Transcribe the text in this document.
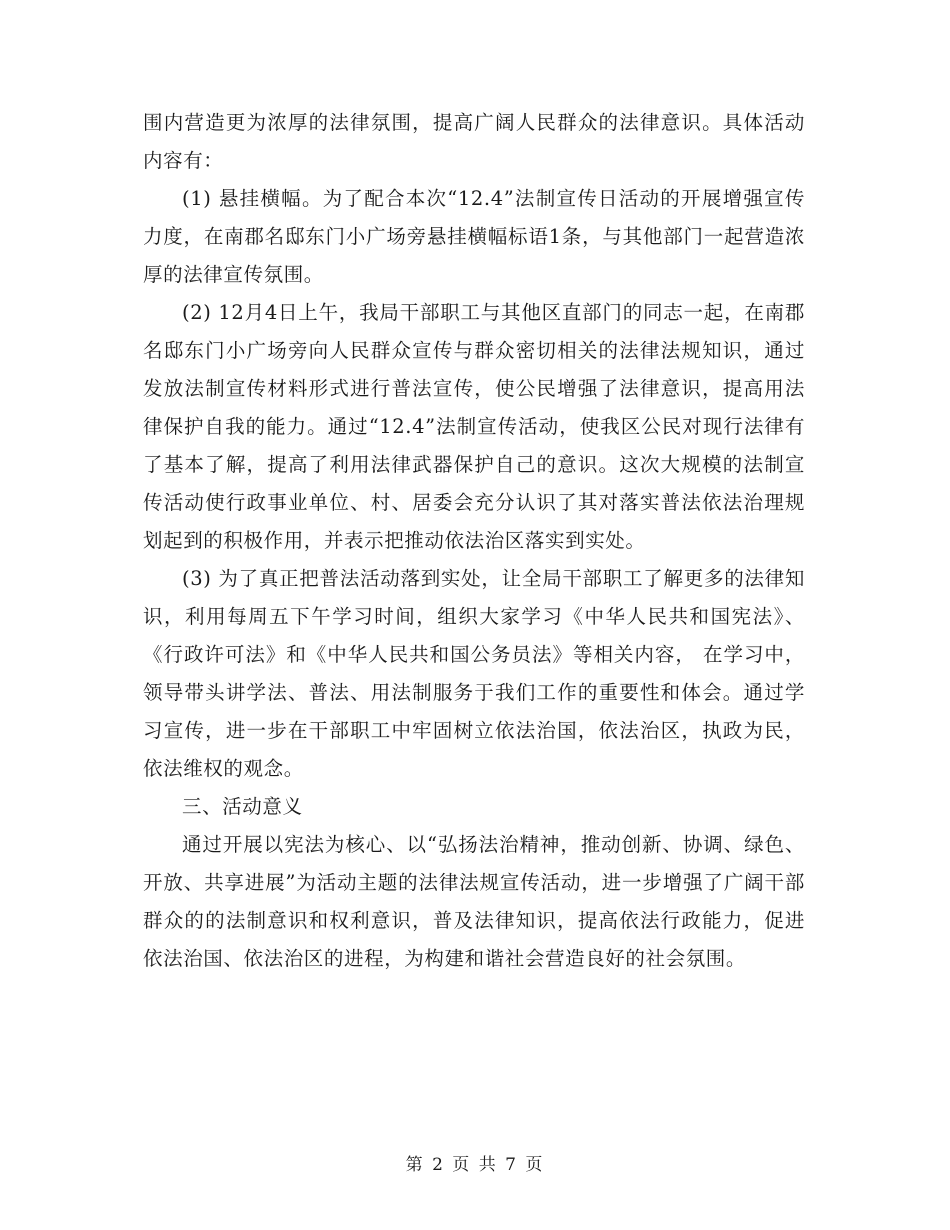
围内营造更为浓厚的法律氛围，提高广阔人民群众的法律意识。具体活动内容有：

(1) 悬挂横幅。为了配合本次“12.4”法制宣传日活动的开展增强宣传力度，在南郡名邸东门小广场旁悬挂横幅标语1条，与其他部门一起营造浓厚的法律宣传氛围。

(2) 12月4日上午，我局干部职工与其他区直部门的同志一起，在南郡名邸东门小广场旁向人民群众宣传与群众密切相关的法律法规知识，通过发放法制宣传材料形式进行普法宣传，使公民增强了法律意识，提高用法律保护自我的能力。通过“12.4”法制宣传活动，使我区公民对现行法律有了基本了解，提高了利用法律武器保护自己的意识。这次大规模的法制宣传活动使行政事业单位、村、居委会充分认识了其对落实普法依法治理规划起到的积极作用，并表示把推动依法治区落实到实处。

(3) 为了真正把普法活动落到实处，让全局干部职工了解更多的法律知识，利用每周五下午学习时间，组织大家学习《中华人民共和国宪法》、《行政许可法》和《中华人民共和国公务员法》等相关内容， 在学习中，领导带头讲学法、普法、用法制服务于我们工作的重要性和体会。通过学习宣传，进一步在干部职工中牢固树立依法治国，依法治区，执政为民，依法维权的观念。

三、活动意义

通过开展以宪法为核心、以“弘扬法治精神，推动创新、协调、绿色、开放、共享进展”为活动主题的法律法规宣传活动，进一步增强了广阔干部群众的的法制意识和权利意识，普及法律知识，提高依法行政能力，促进依法治国、依法治区的进程，为构建和谐社会营造良好的社会氛围。

第 2 页 共 7 页
